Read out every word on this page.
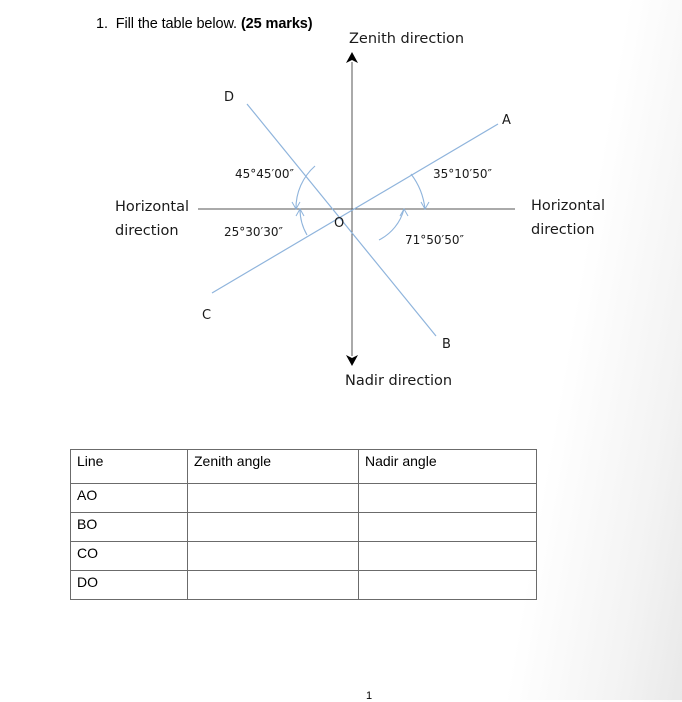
1. Fill the table below. (25 marks)
Zenith direction
Nadir direction
Horizontal
direction
Horizontal
direction
A
B
C
D
O
45°45′00″	35°10′50″
25°30′30″
71°50′50″
Line	Zenith angle	Nadir angle
AO		
BO		
CO		
DO		
1
